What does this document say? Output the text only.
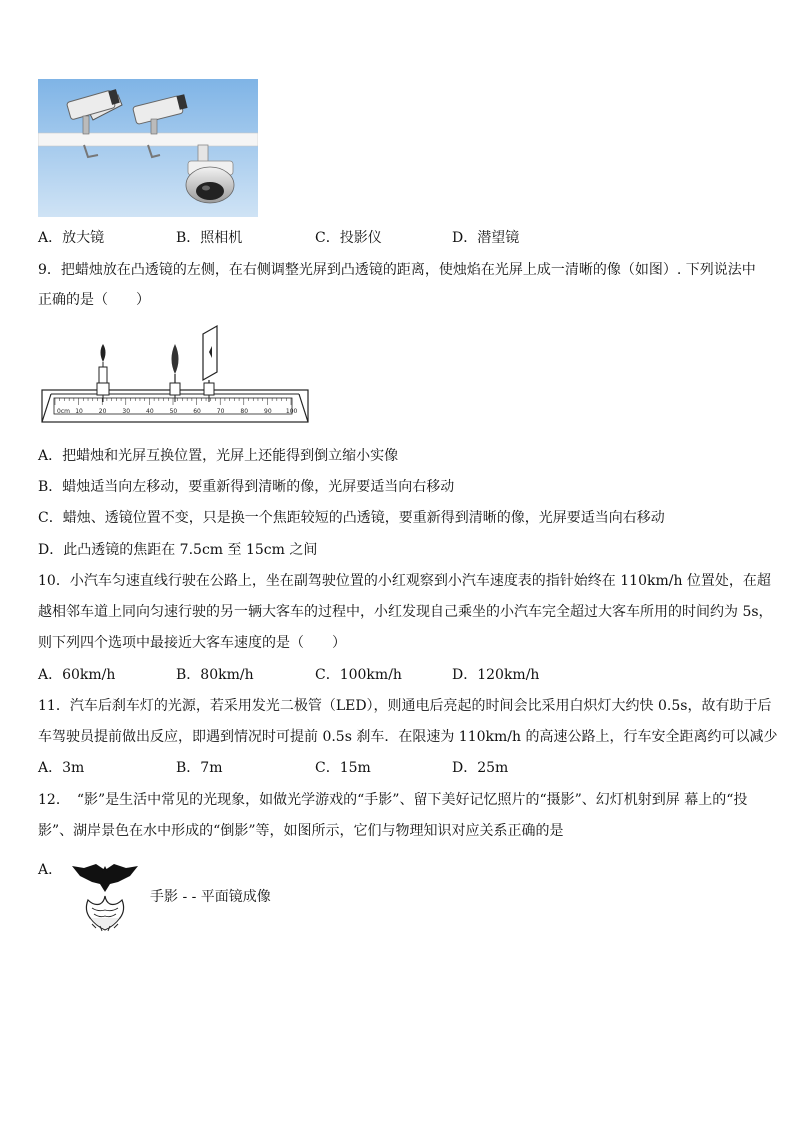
A．放大镜	B．照相机	C．投影仪	D．潜望镜
9．把蜡烛放在凸透镜的左侧，在右侧调整光屏到凸透镜的距离，使烛焰在光屏上成一清晰的像（如图）. 下列说法中
正确的是（　　）
0cm 10	20	30	40	50	60	70	80	90 100
A．把蜡烛和光屏互换位置，光屏上还能得到倒立缩小实像
B．蜡烛适当向左移动，要重新得到清晰的像，光屏要适当向右移动
C．蜡烛、透镜位置不变，只是换一个焦距较短的凸透镜，要重新得到清晰的像，光屏要适当向右移动
D．此凸透镜的焦距在 7.5cm 至 15cm 之间
10．小汽车匀速直线行驶在公路上，坐在副驾驶位置的小红观察到小汽车速度表的指针始终在 110km/h 位置处，在超
越相邻车道上同向匀速行驶的另一辆大客车的过程中，小红发现自己乘坐的小汽车完全超过大客车所用的时间约为 5s，
则下列四个选项中最接近大客车速度的是（　　）
A．60km/h	B．80km/h	C．100km/h	D．120km/h
11．汽车后刹车灯的光源，若采用发光二极管（LED），则通电后亮起的时间会比采用白炽灯大约快 0.5s，故有助于后
车驾驶员提前做出反应，即遇到情况时可提前 0.5s 刹车．在限速为 110km/h 的高速公路上，行车安全距离约可以减少
A．3m	B．7m	C．15m	D．25m
12．　“影”是生活中常见的光现象，如做光学游戏的“手影”、留下美好记忆照片的“摄影”、幻灯机射到屏 幕上的“投
影”、湖岸景色在水中形成的“倒影”等，如图所示，它们与物理知识对应关系正确的是
A．
手影 - - 平面镜成像
